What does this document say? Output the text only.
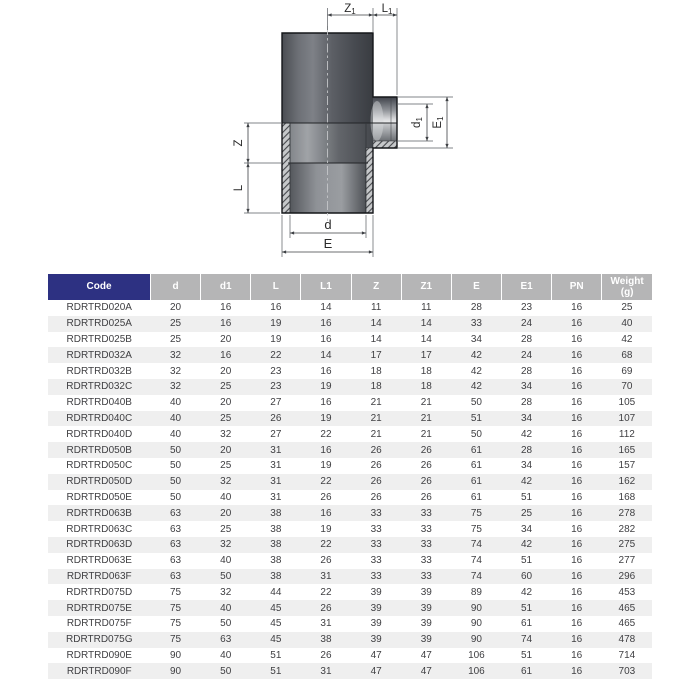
Z1 L1
Z
L
d1
E1
d
E
Code	d	d1	L	L1	Z	Z1	E	E1	PN	Weight (g)
RDRTRD020A	20	16	16	14	11	11	28	23	16	25
RDRTRD025A	25	16	19	16	14	14	33	24	16	40
RDRTRD025B	25	20	19	16	14	14	34	28	16	42
RDRTRD032A	32	16	22	14	17	17	42	24	16	68
RDRTRD032B	32	20	23	16	18	18	42	28	16	69
RDRTRD032C	32	25	23	19	18	18	42	34	16	70
RDRTRD040B	40	20	27	16	21	21	50	28	16	105
RDRTRD040C	40	25	26	19	21	21	51	34	16	107
RDRTRD040D	40	32	27	22	21	21	50	42	16	112
RDRTRD050B	50	20	31	16	26	26	61	28	16	165
RDRTRD050C	50	25	31	19	26	26	61	34	16	157
RDRTRD050D	50	32	31	22	26	26	61	42	16	162
RDRTRD050E	50	40	31	26	26	26	61	51	16	168
RDRTRD063B	63	20	38	16	33	33	75	25	16	278
RDRTRD063C	63	25	38	19	33	33	75	34	16	282
RDRTRD063D	63	32	38	22	33	33	74	42	16	275
RDRTRD063E	63	40	38	26	33	33	74	51	16	277
RDRTRD063F	63	50	38	31	33	33	74	60	16	296
RDRTRD075D	75	32	44	22	39	39	89	42	16	453
RDRTRD075E	75	40	45	26	39	39	90	51	16	465
RDRTRD075F	75	50	45	31	39	39	90	61	16	465
RDRTRD075G	75	63	45	38	39	39	90	74	16	478
RDRTRD090E	90	40	51	26	47	47	106	51	16	714
RDRTRD090F	90	50	51	31	47	47	106	61	16	703
